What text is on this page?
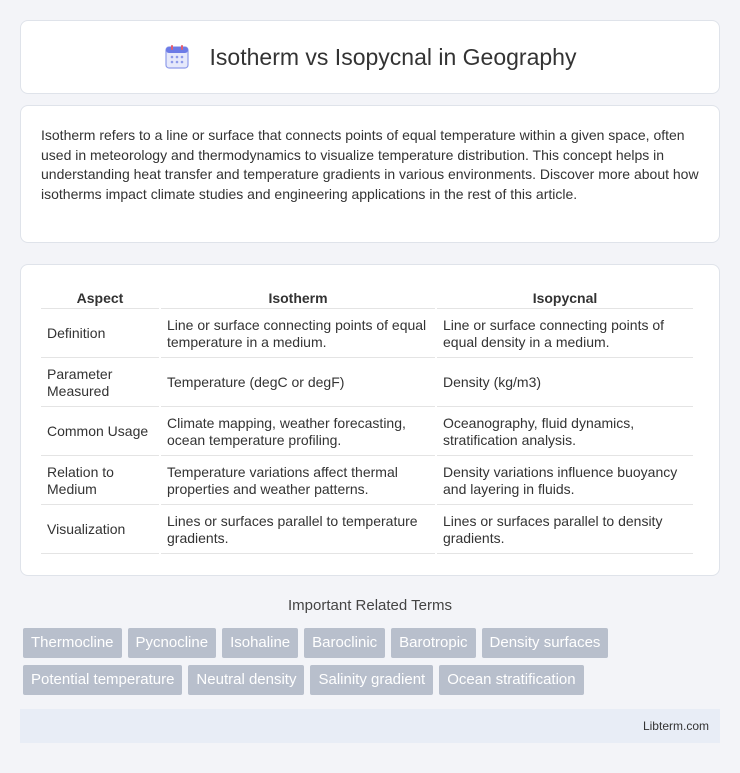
Isotherm vs Isopycnal in Geography

Isotherm refers to a line or surface that connects points of equal temperature within a given space, often used in meteorology and thermodynamics to visualize temperature distribution. This concept helps in understanding heat transfer and temperature gradients in various environments. Discover more about how isotherms impact climate studies and engineering applications in the rest of this article.

Aspect	Isotherm	Isopycnal
Definition	Line or surface connecting points of equal temperature in a medium.	Line or surface connecting points of equal density in a medium.
Parameter Measured	Temperature (degC or degF)	Density (kg/m3)
Common Usage	Climate mapping, weather forecasting, ocean temperature profiling.	Oceanography, fluid dynamics, stratification analysis.
Relation to Medium	Temperature variations affect thermal properties and weather patterns.	Density variations influence buoyancy and layering in fluids.
Visualization	Lines or surfaces parallel to temperature gradients.	Lines or surfaces parallel to density gradients.
Important Related Terms
Thermocline	Pycnocline	Isohaline	Baroclinic	Barotropic	Density surfaces
Potential temperature	Neutral density	Salinity gradient	Ocean stratification
Libterm.com
